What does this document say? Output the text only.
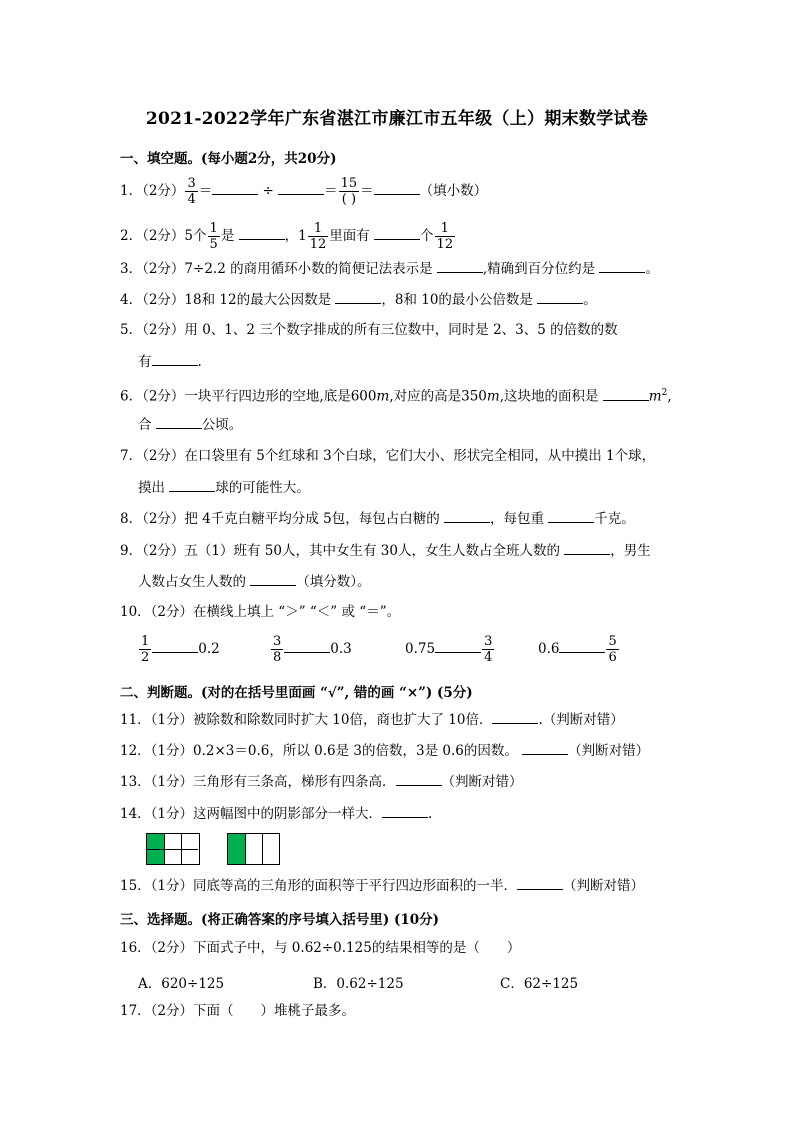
2021-2022学年广东省湛江市廉江市五年级（上）期末数学试卷
一、填空题。(每小题2分，共20分)
1．（2分） $\frac{3}{4}$ ＝	÷	＝ $\frac{15}{( )}$ ＝	（填小数）
2．（2分）5个 $\frac{1}{5}$ 是	，$1 \frac{1}{12}$ 里面有	个 $\frac{1}{12}$
3．（2分）7÷2.2 的商用循环小数的简便记法表示是	,精确到百分位约是	。
4．（2分）18和 12的最大公因数是	，8和 10的最小公倍数是	。
5．（2分）用 0、1、2 三个数字排成的所有三位数中，同时是 2、3、5 的倍数的数
有	.
6．（2分）一块平行四边形的空地,底是600m,对应的高是350m,这块地的面积是	$m^2$,
合	公顷。
7．（2分）在口袋里有 5个红球和 3个白球，它们大小、形状完全相同，从中摸出 1个球，
摸出	球的可能性大。
8．（2分）把 4千克白糖平均分成 5包，每包占白糖的	，每包重	千克。
9．（2分）五（1）班有 50人，其中女生有 30人，女生人数占全班人数的	，男生
人数占女生人数的	（填分数）。
10．（2分）在横线上填上 “＞” “＜” 或 “＝”。
$\frac{1}{2}$	0.2	$\frac{3}{8}$	0.3	0.75	$\frac{3}{4}$	0.6	$\frac{5}{6}$
二、判断题。(对的在括号里面画 “√”, 错的画 “×”) (5分)
11．（1分）被除数和除数同时扩大 10倍，商也扩大了 10倍．	.（判断对错）
12．（1分）0.2×3＝0.6，所以 0.6是 3的倍数，3是 0.6的因数。	（判断对错）
13．（1分）三角形有三条高，梯形有四条高．	（判断对错）
14．（1分）这两幅图中的阴影部分一样大．	.
15．（1分）同底等高的三角形的面积等于平行四边形面积的一半．	（判断对错）
三、选择题。(将正确答案的序号填入括号里) (10分)
16．（2分）下面式子中，与 0.62÷0.125的结果相等的是（　　）
A．620÷125	B．0.62÷125	C．62÷125
17．（2分）下面（　　）堆桃子最多。
